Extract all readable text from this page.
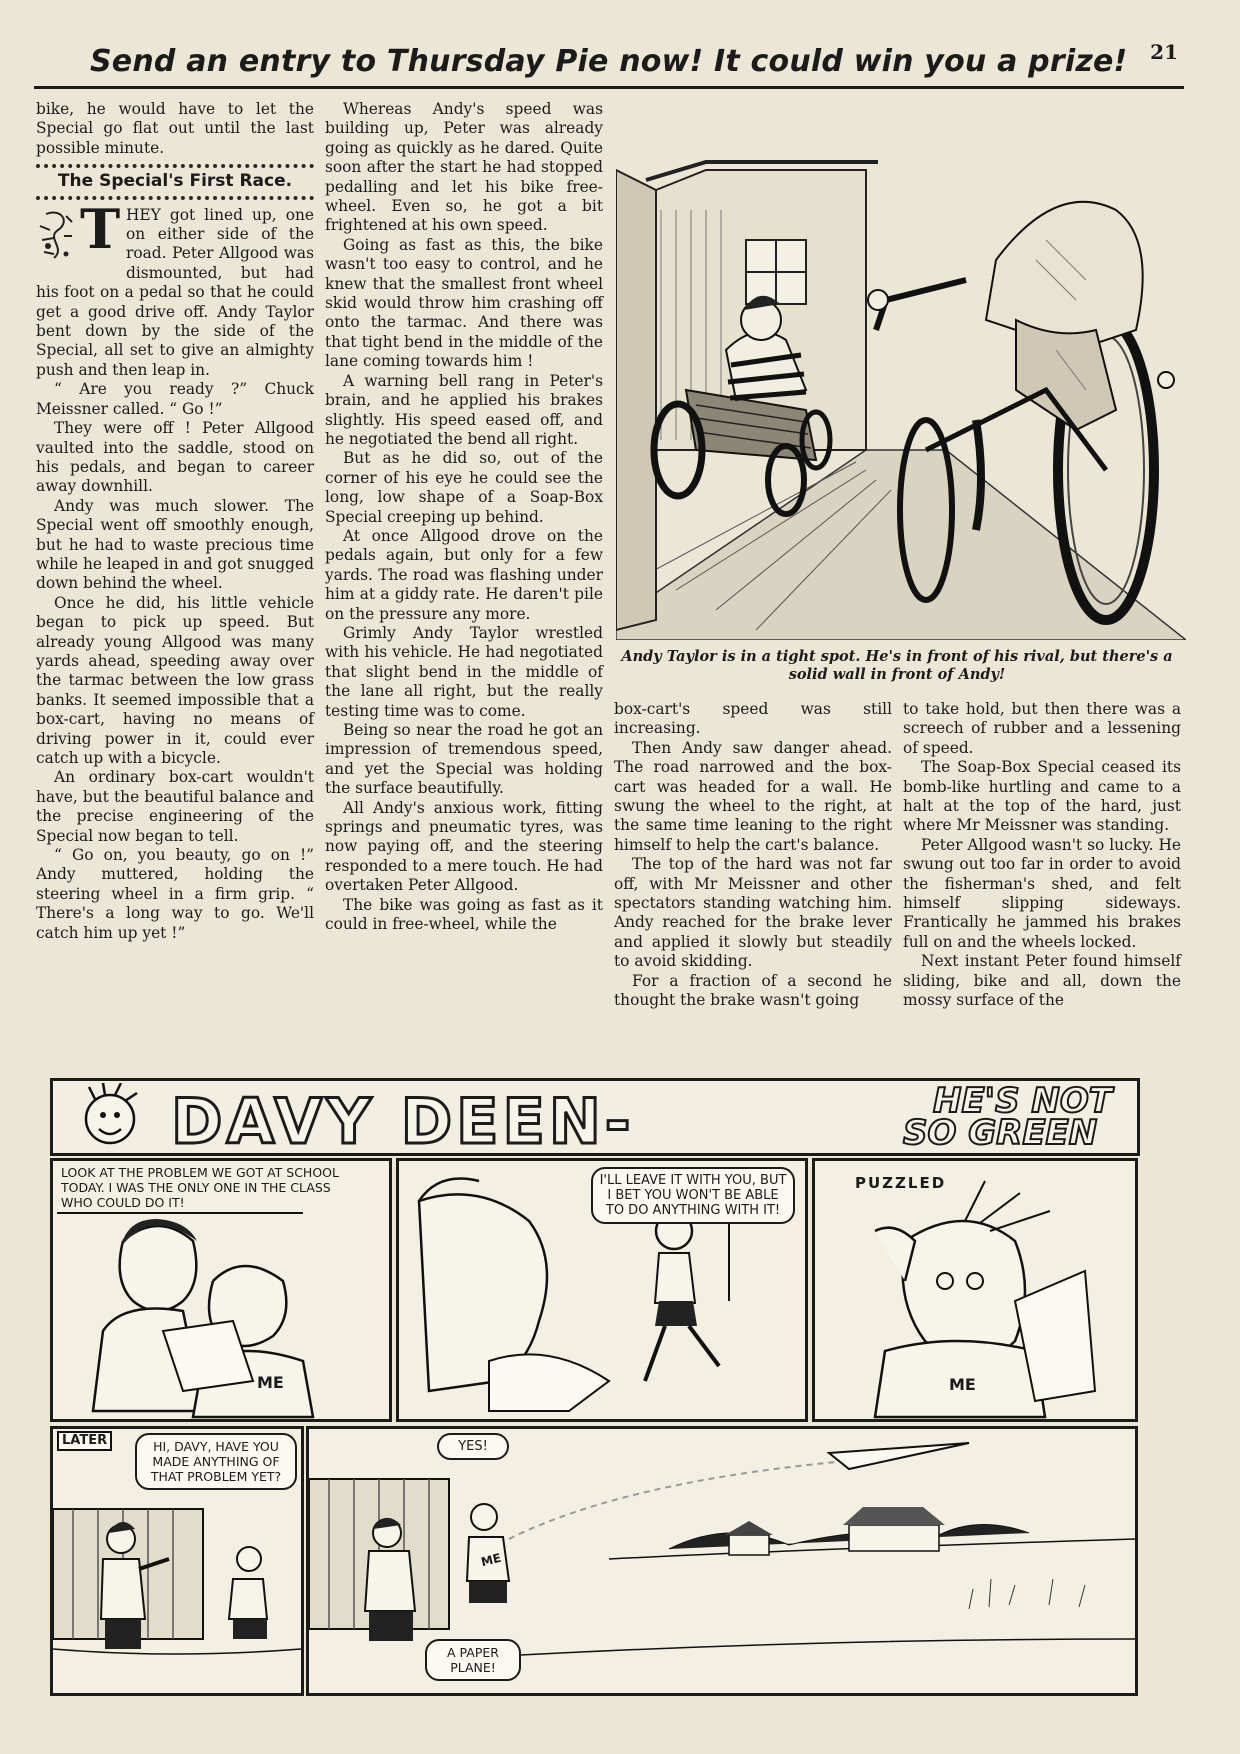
Send an entry to Thursday Pie now! It could win you a prize! 21

bike, he would have to let the Special go flat out until the last possible minute.

The Special's First Race.
T HEY got lined up, one on either side of the road. Peter Allgood was dismounted, but had his foot on a pedal so that he could get a good drive off. Andy Taylor bent down by the side of the Special, all set to give an almighty push and then leap in.

“ Are you ready ?” Chuck Meissner called. “ Go !”

They were off ! Peter Allgood vaulted into the saddle, stood on his pedals, and began to career away downhill.

Andy was much slower. The Special went off smoothly enough, but he had to waste precious time while he leaped in and got snugged down behind the wheel.

Once he did, his little vehicle began to pick up speed. But already young Allgood was many yards ahead, speeding away over the tarmac between the low grass banks. It seemed impossible that a box-cart, having no means of driving power in it, could ever catch up with a bicycle.

An ordinary box-cart wouldn't have, but the beautiful balance and the precise engineering of the Special now began to tell.

“ Go on, you beauty, go on !” Andy muttered, holding the steering wheel in a firm grip. “ There's a long way to go. We'll catch him up yet !”

Whereas Andy's speed was building up, Peter was already going as quickly as he dared. Quite soon after the start he had stopped pedalling and let his bike free-wheel. Even so, he got a bit frightened at his own speed.

Going as fast as this, the bike wasn't too easy to control, and he knew that the smallest front wheel skid would throw him crashing off onto the tarmac. And there was that tight bend in the middle of the lane coming towards him !

A warning bell rang in Peter's brain, and he applied his brakes slightly. His speed eased off, and he negotiated the bend all right.

But as he did so, out of the corner of his eye he could see the long, low shape of a Soap-Box Special creeping up behind.

At once Allgood drove on the pedals again, but only for a few yards. The road was flashing under him at a giddy rate. He daren't pile on the pressure any more.

Grimly Andy Taylor wrestled with his vehicle. He had negotiated that slight bend in the middle of the lane all right, but the really testing time was to come.

Being so near the road he got an impression of tremendous speed, and yet the Special was holding the surface beautifully.

All Andy's anxious work, fitting springs and pneumatic tyres, was now paying off, and the steering responded to a mere touch. He had overtaken Peter Allgood.

The bike was going as fast as it could in free-wheel, while the

Andy Taylor is in a tight spot. He's in front of his rival, but there's a solid wall in front of Andy!

box-cart's speed was still increasing.

Then Andy saw danger ahead. The road narrowed and the box-cart was headed for a wall. He swung the wheel to the right, at the same time leaning to the right himself to help the cart's balance.

The top of the hard was not far off, with Mr Meissner and other spectators standing watching him. Andy reached for the brake lever and applied it slowly but steadily to avoid skidding.

For a fraction of a second he thought the brake wasn't going

to take hold, but then there was a screech of rubber and a lessening of speed.

The Soap-Box Special ceased its bomb-like hurtling and came to a halt at the top of the hard, just where Mr Meissner was standing.

Peter Allgood wasn't so lucky. He swung out too far in order to avoid the fisherman's shed, and felt himself slipping sideways. Frantically he jammed his brakes full on and the wheels locked.

Next instant Peter found himself sliding, bike and all, down the mossy surface of the

DAVY DEEN-	HE'S NOT
SO GREEN
LOOK AT THE PROBLEM WE GOT AT SCHOOL TODAY. I WAS THE ONLY ONE IN THE CLASS WHO COULD DO IT!
ME
I'LL LEAVE IT WITH YOU, BUT I BET YOU WON'T BE ABLE TO DO ANYTHING WITH IT!
PUZZLED
ME
LATER	HI, DAVY, HAVE YOU MADE ANYTHING OF THAT PROBLEM YET?
YES!
ME
A PAPER PLANE!
